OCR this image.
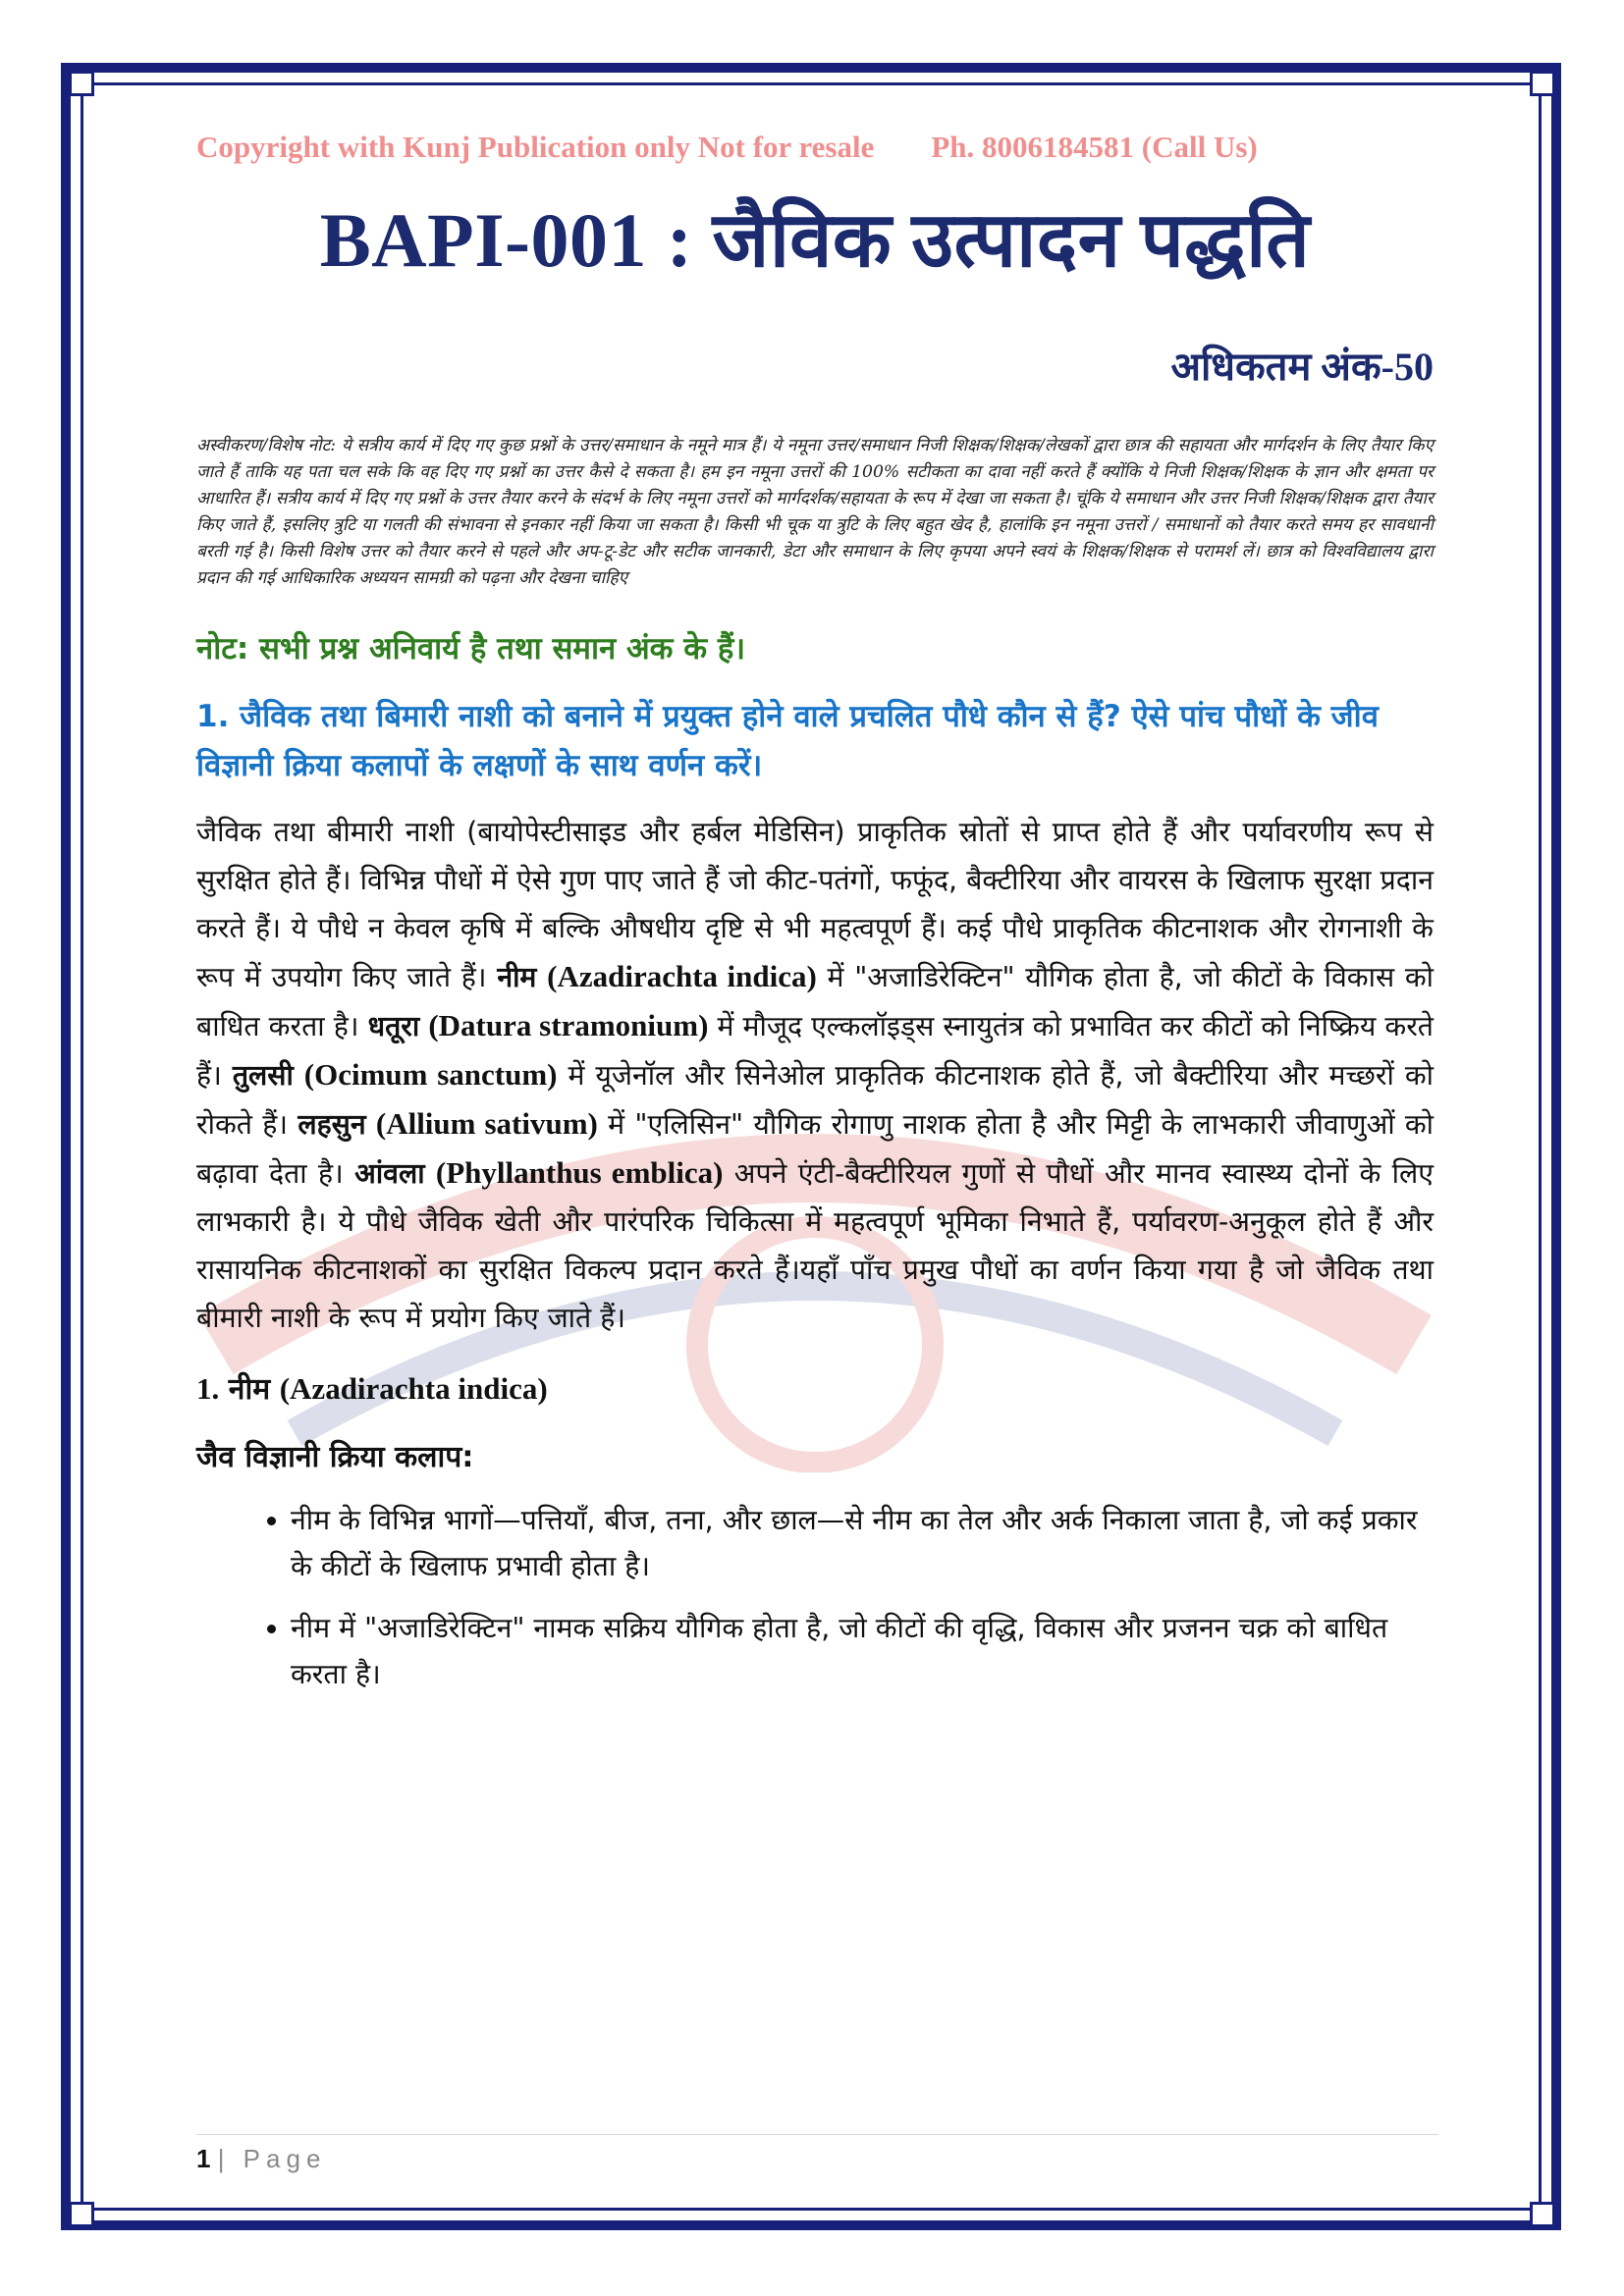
Copyright with Kunj Publication only Not for resale Ph. 8006184581 (Call Us)
BAPI-001 : जैविक उत्पादन पद्धति
अधिकतम अंक-50
अस्वीकरण/विशेष नोट: ये सत्रीय कार्य में दिए गए कुछ प्रश्नों के उत्तर/समाधान के नमूने मात्र हैं। ये नमूना उत्तर/समाधान निजी शिक्षक/शिक्षक/लेखकों द्वारा छात्र की सहायता और मार्गदर्शन के लिए तैयार किए जाते हैं ताकि यह पता चल सके कि वह दिए गए प्रश्नों का उत्तर कैसे दे सकता है। हम इन नमूना उत्तरों की 100% सटीकता का दावा नहीं करते हैं क्योंकि ये निजी शिक्षक/शिक्षक के ज्ञान और क्षमता पर आधारित हैं। सत्रीय कार्य में दिए गए प्रश्नों के उत्तर तैयार करने के संदर्भ के लिए नमूना उत्तरों को मार्गदर्शक/सहायता के रूप में देखा जा सकता है। चूंकि ये समाधान और उत्तर निजी शिक्षक/शिक्षक द्वारा तैयार किए जाते हैं, इसलिए त्रुटि या गलती की संभावना से इनकार नहीं किया जा सकता है। किसी भी चूक या त्रुटि के लिए बहुत खेद है, हालांकि इन नमूना उत्तरों / समाधानों को तैयार करते समय हर सावधानी बरती गई है। किसी विशेष उत्तर को तैयार करने से पहले और अप-टू-डेट और सटीक जानकारी, डेटा और समाधान के लिए कृपया अपने स्वयं के शिक्षक/शिक्षक से परामर्श लें। छात्र को विश्वविद्यालय द्वारा प्रदान की गई आधिकारिक अध्ययन सामग्री को पढ़ना और देखना चाहिए
नोट: सभी प्रश्न अनिवार्य है तथा समान अंक के हैं।
1. जैविक तथा बिमारी नाशी को बनाने में प्रयुक्त होने वाले प्रचलित पौधे कौन से हैं? ऐसे पांच पौधों के जीव विज्ञानी क्रिया कलापों के लक्षणों के साथ वर्णन करें।
जैविक तथा बीमारी नाशी (बायोपेस्टीसाइड और हर्बल मेडिसिन) प्राकृतिक स्रोतों से प्राप्त होते हैं और पर्यावरणीय रूप से सुरक्षित होते हैं। विभिन्न पौधों में ऐसे गुण पाए जाते हैं जो कीट-पतंगों, फफूंद, बैक्टीरिया और वायरस के खिलाफ सुरक्षा प्रदान करते हैं। ये पौधे न केवल कृषि में बल्कि औषधीय दृष्टि से भी महत्वपूर्ण हैं। कई पौधे प्राकृतिक कीटनाशक और रोगनाशी के रूप में उपयोग किए जाते हैं। नीम (Azadirachta indica) में "अजाडिरेक्टिन" यौगिक होता है, जो कीटों के विकास को बाधित करता है। धतूरा (Datura stramonium) में मौजूद एल्कलॉइड्स स्नायुतंत्र को प्रभावित कर कीटों को निष्क्रिय करते हैं। तुलसी (Ocimum sanctum) में यूजेनॉल और सिनेओल प्राकृतिक कीटनाशक होते हैं, जो बैक्टीरिया और मच्छरों को रोकते हैं। लहसुन (Allium sativum) में "एलिसिन" यौगिक रोगाणु नाशक होता है और मिट्टी के लाभकारी जीवाणुओं को बढ़ावा देता है। आंवला (Phyllanthus emblica) अपने एंटी-बैक्टीरियल गुणों से पौधों और मानव स्वास्थ्य दोनों के लिए लाभकारी है। ये पौधे जैविक खेती और पारंपरिक चिकित्सा में महत्वपूर्ण भूमिका निभाते हैं, पर्यावरण-अनुकूल होते हैं और रासायनिक कीटनाशकों का सुरक्षित विकल्प प्रदान करते हैं।यहाँ पाँच प्रमुख पौधों का वर्णन किया गया है जो जैविक तथा बीमारी नाशी के रूप में प्रयोग किए जाते हैं।
1. नीम (Azadirachta indica)
जैव विज्ञानी क्रिया कलाप:
• नीम के विभिन्न भागों—पत्तियाँ, बीज, तना, और छाल—से नीम का तेल और अर्क निकाला जाता है, जो कई प्रकार के कीटों के खिलाफ प्रभावी होता है।
• नीम में "अजाडिरेक्टिन" नामक सक्रिय यौगिक होता है, जो कीटों की वृद्धि, विकास और प्रजनन चक्र को बाधित करता है।
1 | Page
